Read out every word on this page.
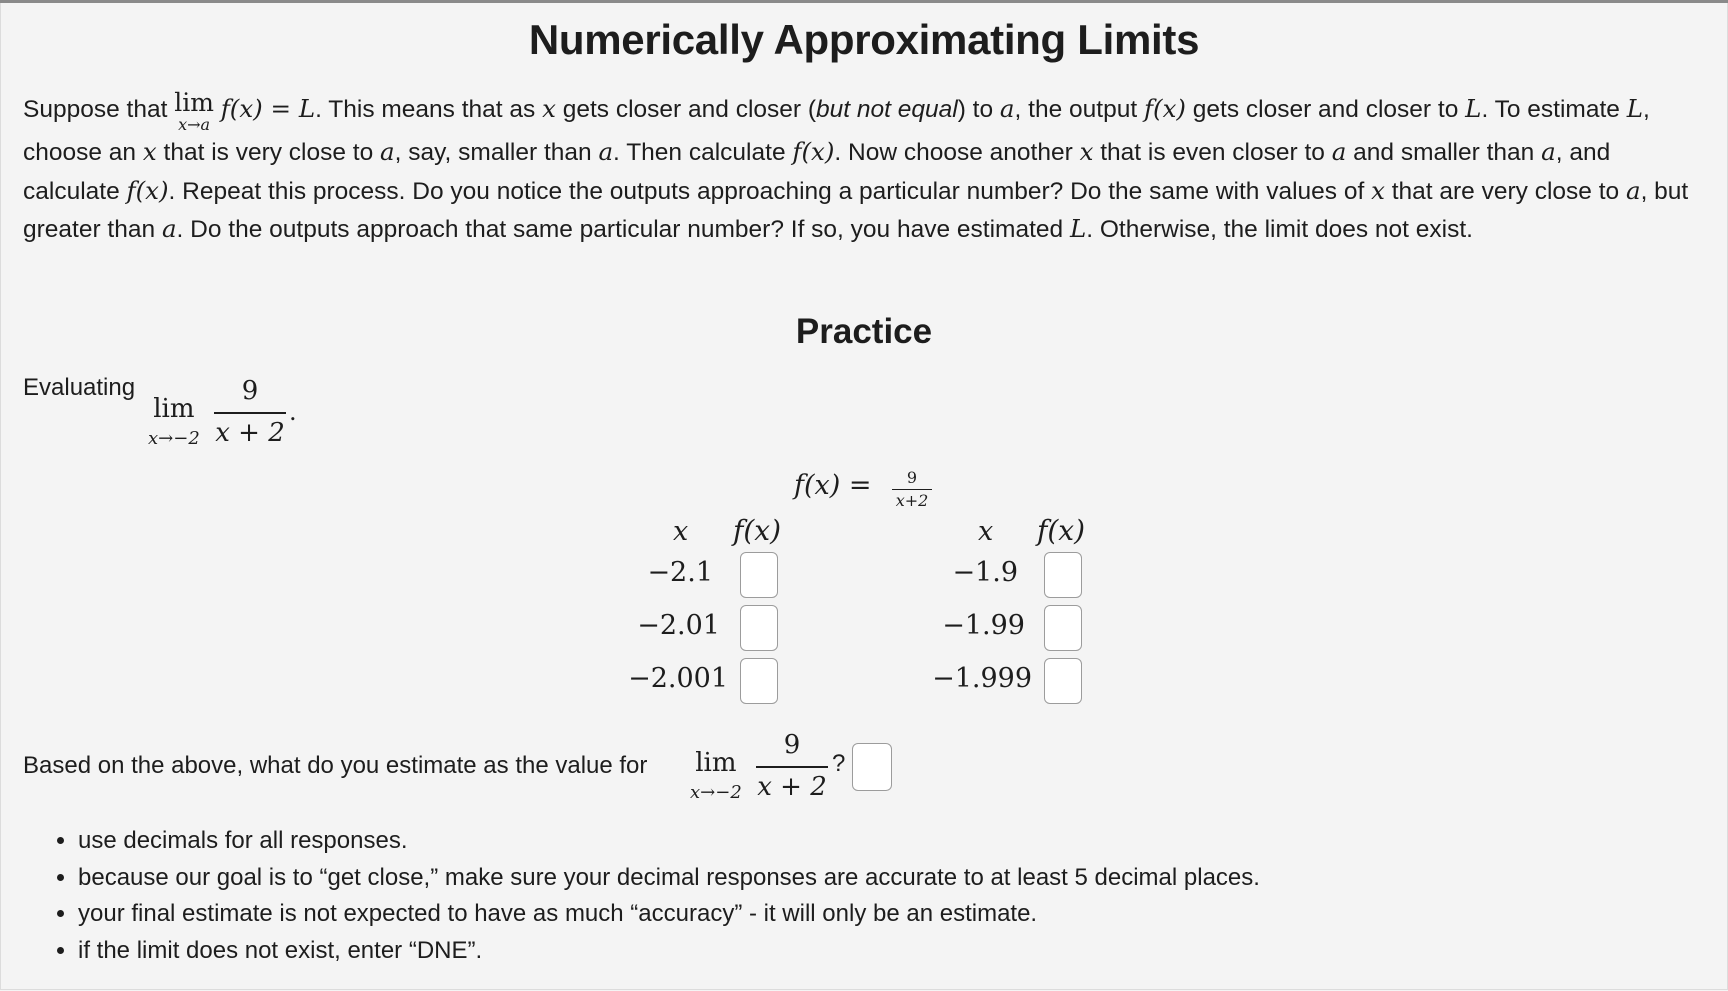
Numerically Approximating Limits
Suppose that lim
x→a
f(x) = L. This means that as x gets closer and closer (but not equal) to a, the output f(x) gets closer and closer to L. To estimate L, choose an x that is very close to a, say, smaller than a. Then calculate f(x). Now choose another x that is even closer to a and smaller than a, and calculate f(x). Repeat this process. Do you notice the outputs approaching a particular number? Do the same with values of x that are very close to a, but greater than a. Do the outputs approach that same particular number? If so, you have estimated L. Otherwise, the limit does not exist.
Practice
Evaluating
lim
x→−2
9
x + 2
.
f(x) =	9
x+2
x f(x)
−2.1
−2.01
−2.001
x f(x)
−1.9
−1.99
−1.999
Based on the above, what do you estimate as the value for lim
x→−2
9
x + 2
?
• use decimals for all responses.
• because our goal is to “get close,” make sure your decimal responses are accurate to at least 5 decimal places.
• your final estimate is not expected to have as much “accuracy” - it will only be an estimate.
• if the limit does not exist, enter “DNE”.
